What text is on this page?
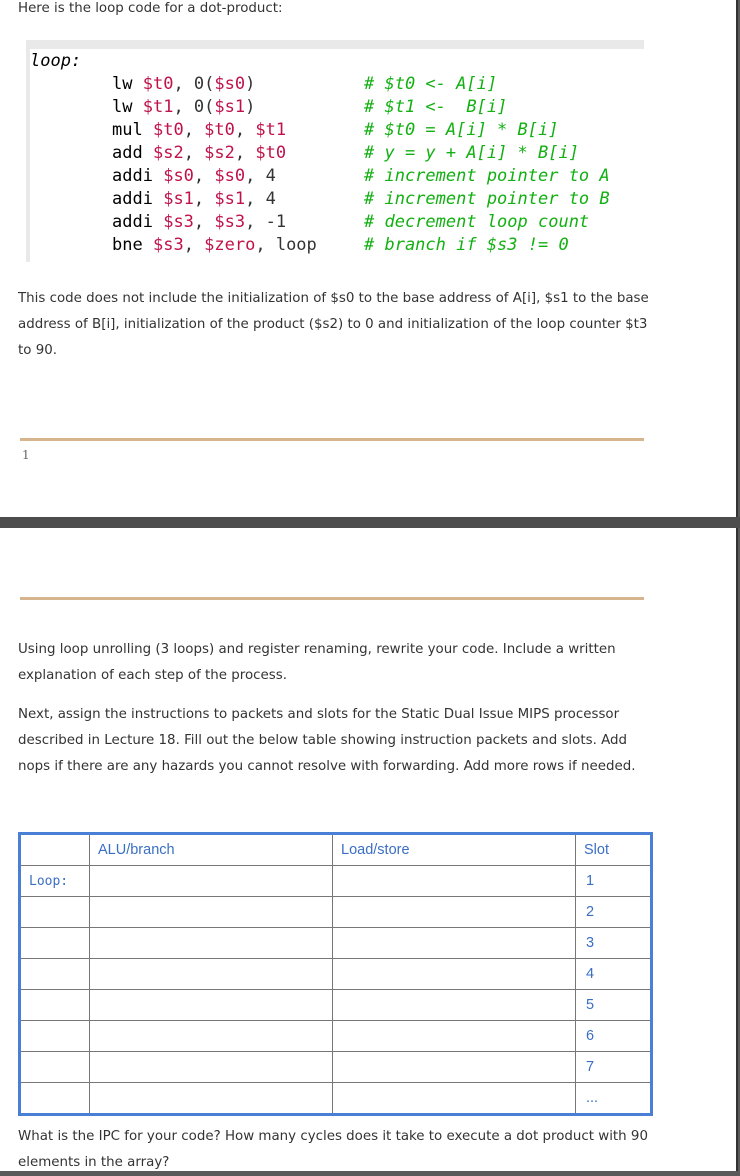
Here is the loop code for a dot-product:
loop:
lw $t0, 0($s0)	# $t0 <- A[i]
lw $t1, 0($s1)	# $t1 <-  B[i]
mul $t0, $t0, $t1	# $t0 = A[i] * B[i]
add $s2, $s2, $t0	# y = y + A[i] * B[i]
addi $s0, $s0, 4	# increment pointer to A
addi $s1, $s1, 4	# increment pointer to B
addi $s3, $s3, -1	# decrement loop count
bne $s3, $zero, loop	# branch if $s3 != 0
This code does not include the initialization of $s0 to the base address of A[i], $s1 to the base address of B[i], initialization of the product ($s2) to 0 and initialization of the loop counter $t3 to 90.
1
Using loop unrolling (3 loops) and register renaming, rewrite your code. Include a written explanation of each step of the process.
Next, assign the instructions to packets and slots for the Static Dual Issue MIPS processor described in Lecture 18. Fill out the below table showing instruction packets and slots. Add nops if there are any hazards you cannot resolve with forwarding. Add more rows if needed.
	ALU/branch	Load/store	Slot
Loop:			1
			2
			3
			4
			5
			6
			7
			...
What is the IPC for your code? How many cycles does it take to execute a dot product with 90 elements in the array?
